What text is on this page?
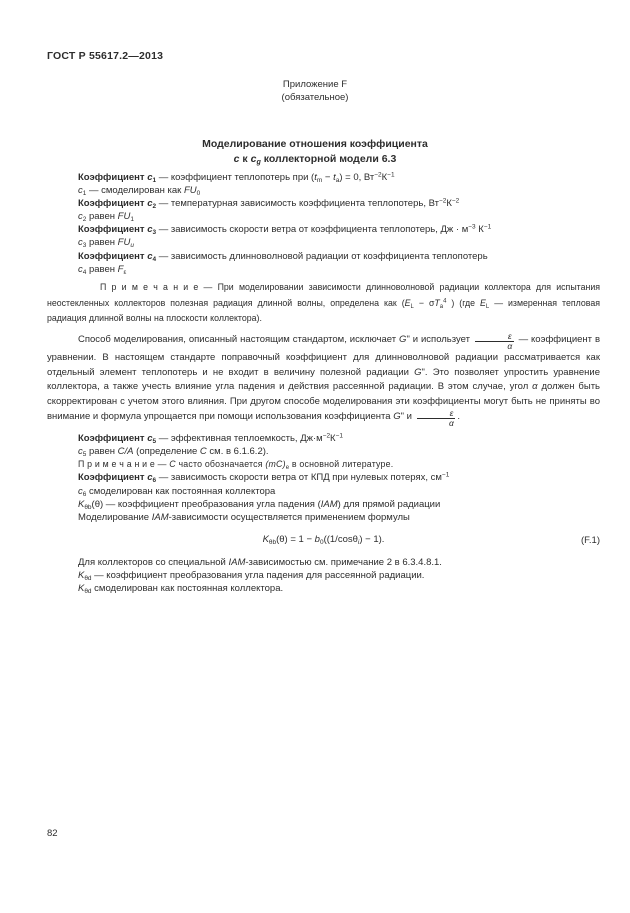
ГОСТ Р 55617.2—2013
Приложение F
(обязательное)
Моделирование отношения коэффициента
с к cg коллекторной модели 6.3
Коэффициент $c_1$ — коэффициент теплопотерь при $(t_m - t_a) = 0$, $Вт^{-2}К^{-1}$
$c_1$ — смоделирован как $FU_0$
Коэффициент $c_2$ — температурная зависимость коэффициента теплопотерь, $Вт^{-2}К^{-2}$
$c_2$ равен $FU_1$
Коэффициент $c_3$ — зависимость скорости ветра от коэффициента теплопотерь, Дж · $м^{-3}$ $К^{-1}$
$c_3$ равен $FU_u$
Коэффициент $c_4$ — зависимость длинноволновой радиации от коэффициента теплопотерь
$c_4$ равен $F_\varepsilon$

П р и м е ч а н и е — При моделировании зависимости длинноволновой радиации коллектора для испытания неостекленных коллекторов полезная радиация длинной волны, определена как ($E_L - \sigma T_a^4$ ) (где $E_L$ — измеренная тепловая радиация длинной волны на плоскости коллектора).

Способ моделирования, описанный настоящим стандартом, исключает G" и использует $\frac{\varepsilon}{\alpha}$ — коэффициент в уравнении. В настоящем стандарте поправочный коэффициент для длинноволновой радиации рассматривается как отдельный элемент теплопотерь и не входит в величину полезной радиации G". Это позволяет упростить уравнение коллектора, а также учесть влияние угла падения и действия рассеянной радиации. В этом случае, угол α должен быть скорректирован с учетом этого влияния. При другом способе моделирования эти коэффициенты могут быть не приняты во внимание и формула упрощается при помощи использования коэффициента G" и $\frac{\varepsilon}{\alpha}$ .

Коэффициент $c_5$ — эффективная теплоемкость, $Дж\cdot м^{-2}К^{-1}$
$c_5$ равен C/A (определение C см. в 6.1.6.2).
П р и м е ч а н и е — C часто обозначается $(mC)_e$ в основной литературе.
Коэффициент $c_6$ — зависимость скорости ветра от КПД при нулевых потерях, $см^{-1}$
$c_6$ смоделирован как постоянная коллектора
$K_{\theta b}(\theta)$ — коэффициент преобразования угла падения (IAM) для прямой радиации
Моделирование IAM-зависимости осуществляется применением формулы
$K_{\theta b}(\theta) = 1 - b_0((1/\cos\theta_i) - 1)$.	(F.1)
Для коллекторов со специальной IAM-зависимостью см. примечание 2 в 6.3.4.8.1.
$K_{\theta d}$ — коэффициент преобразования угла падения для рассеянной радиации.
$K_{\theta d}$ смоделирован как постоянная коллектора.
82
